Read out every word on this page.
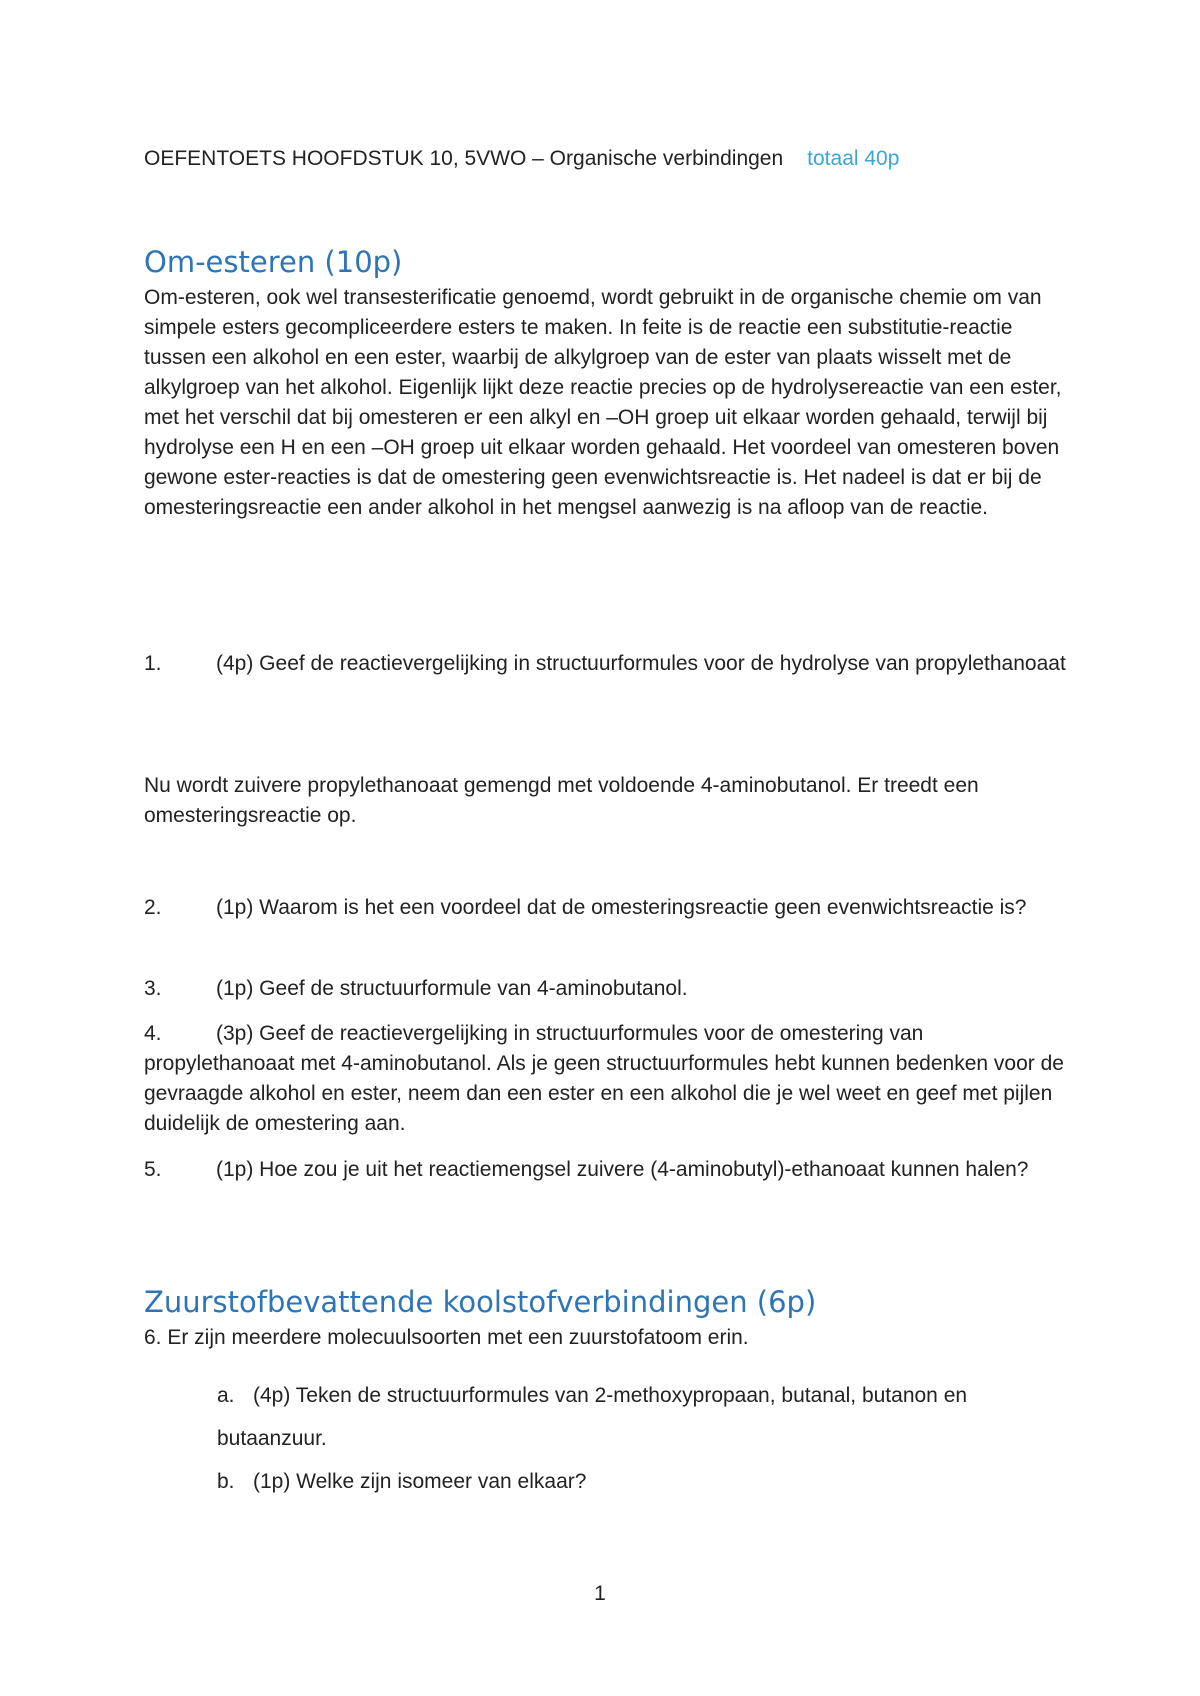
OEFENTOETS HOOFDSTUK 10, 5VWO – Organische verbindingen totaal 40p
Om-esteren (10p)
Om-esteren, ook wel transesterificatie genoemd, wordt gebruikt in de organische chemie om van simpele esters gecompliceerdere esters te maken. In feite is de reactie een substitutie-reactie tussen een alkohol en een ester, waarbij de alkylgroep van de ester van plaats wisselt met de alkylgroep van het alkohol. Eigenlijk lijkt deze reactie precies op de hydrolysereactie van een ester, met het verschil dat bij omesteren er een alkyl en –OH groep uit elkaar worden gehaald, terwijl bij hydrolyse een H en een –OH groep uit elkaar worden gehaald. Het voordeel van omesteren boven gewone ester-reacties is dat de omestering geen evenwichtsreactie is. Het nadeel is dat er bij de omesteringsreactie een ander alkohol in het mengsel aanwezig is na afloop van de reactie.
1.	(4p) Geef de reactievergelijking in structuurformules voor de hydrolyse van propylethanoaat
Nu wordt zuivere propylethanoaat gemengd met voldoende 4-aminobutanol. Er treedt een omesteringsreactie op.
2.	(1p) Waarom is het een voordeel dat de omesteringsreactie geen evenwichtsreactie is?
3.	(1p) Geef de structuurformule van 4-aminobutanol.
4.	(3p) Geef de reactievergelijking in structuurformules voor de omestering van propylethanoaat met 4-aminobutanol. Als je geen structuurformules hebt kunnen bedenken voor de gevraagde alkohol en ester, neem dan een ester en een alkohol die je wel weet en geef met pijlen duidelijk de omestering aan.
5.	(1p) Hoe zou je uit het reactiemengsel zuivere (4-aminobutyl)-ethanoaat kunnen halen?
Zuurstofbevattende koolstofverbindingen (6p)
6. Er zijn meerdere molecuulsoorten met een zuurstofatoom erin.
a. (4p) Teken de structuurformules van 2-methoxypropaan, butanal, butanon en butaanzuur.
b. (1p) Welke zijn isomeer van elkaar?
1
